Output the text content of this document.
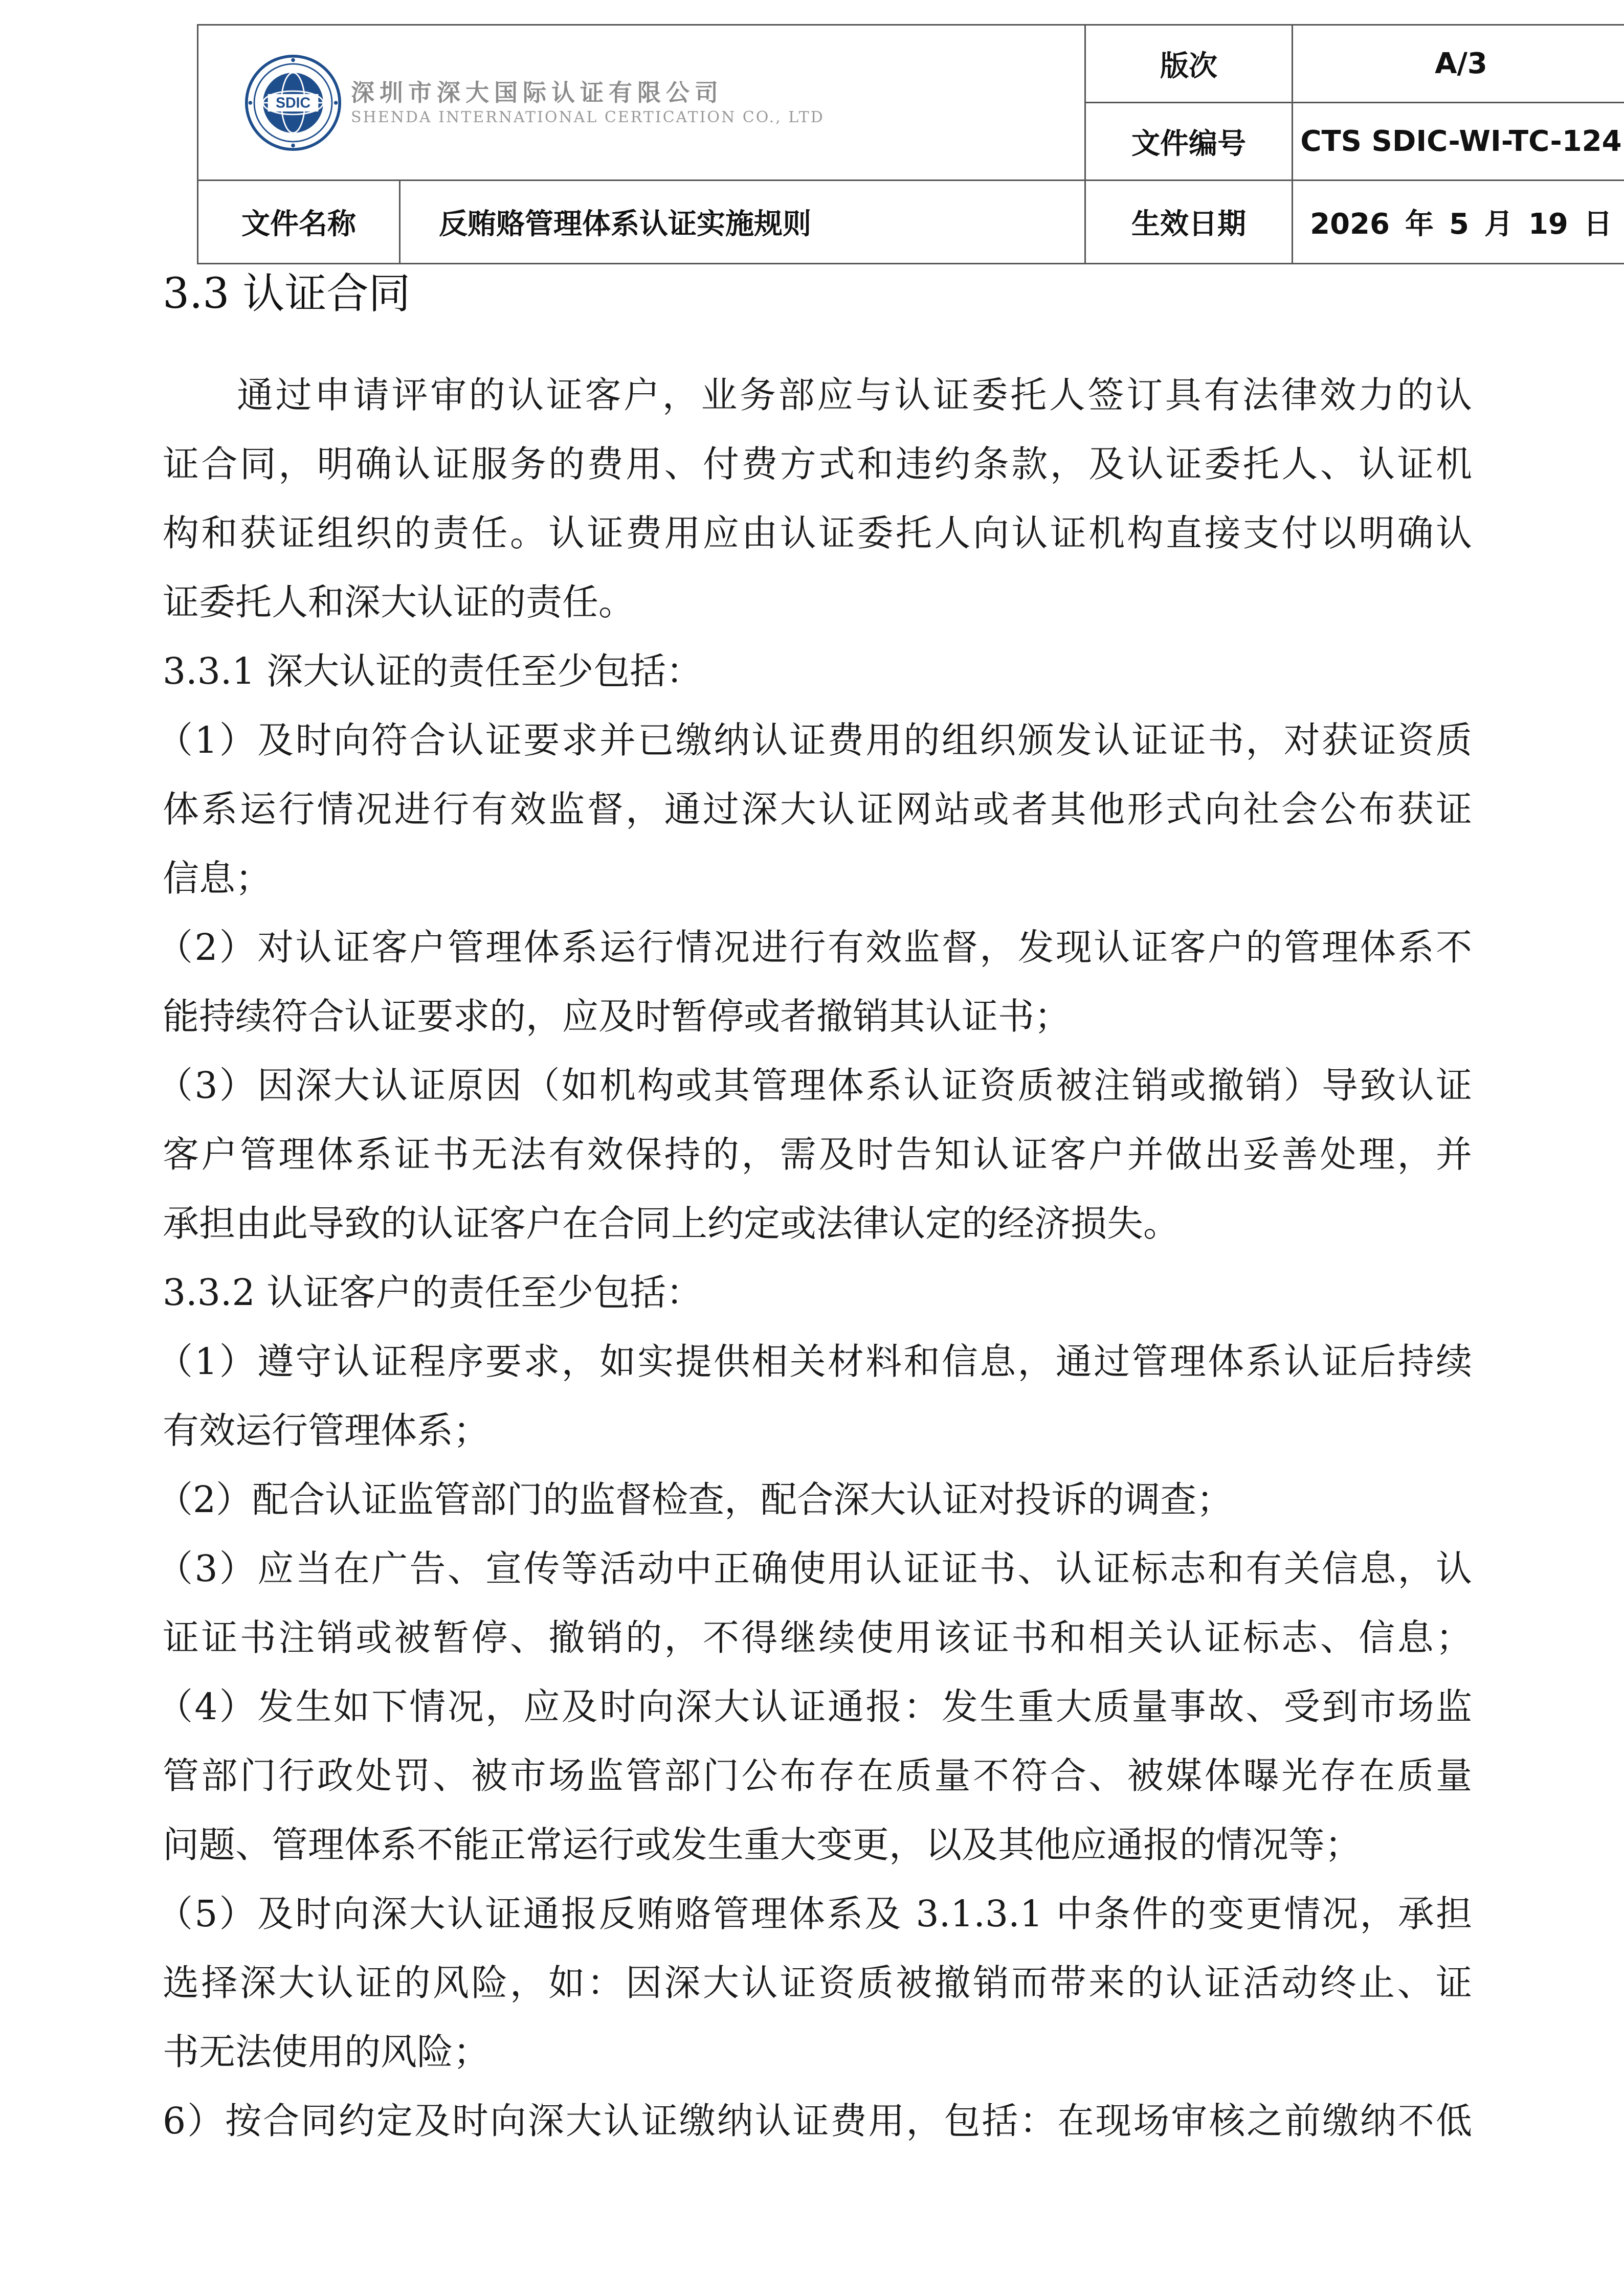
SDIC 深圳市深大国际认证有限公司
SHENDA INTERNATIONAL CERTICATION CO., LTD		版次	A/3
		文件编号	CTS SDIC-WI-TC-124
文件名称	反贿赂管理体系认证实施规则	生效日期	2026 年 5 月 19 日
3.3 认证合同

通过申请评审的认证客户，业务部应与认证委托人签订具有法律效力的认

证合同，明确认证服务的费用、付费方式和违约条款，及认证委托人、认证机

构和获证组织的责任。认证费用应由认证委托人向认证机构直接支付以明确认

证委托人和深大认证的责任。

3.3.1 深大认证的责任至少包括：

（1）及时向符合认证要求并已缴纳认证费用的组织颁发认证证书，对获证资质

体系运行情况进行有效监督，通过深大认证网站或者其他形式向社会公布获证

信息；

（2）对认证客户管理体系运行情况进行有效监督，发现认证客户的管理体系不

能持续符合认证要求的，应及时暂停或者撤销其认证书；

（3）因深大认证原因（如机构或其管理体系认证资质被注销或撤销）导致认证

客户管理体系证书无法有效保持的，需及时告知认证客户并做出妥善处理，并

承担由此导致的认证客户在合同上约定或法律认定的经济损失。

3.3.2 认证客户的责任至少包括：

（1）遵守认证程序要求，如实提供相关材料和信息，通过管理体系认证后持续

有效运行管理体系；

（2）配合认证监管部门的监督检查，配合深大认证对投诉的调查；

（3）应当在广告、宣传等活动中正确使用认证证书、认证标志和有关信息，认

证证书注销或被暂停、撤销的，不得继续使用该证书和相关认证标志、信息；

（4）发生如下情况，应及时向深大认证通报：发生重大质量事故、受到市场监

管部门行政处罚、被市场监管部门公布存在质量不符合、被媒体曝光存在质量

问题、管理体系不能正常运行或发生重大变更，以及其他应通报的情况等；

（5）及时向深大认证通报反贿赂管理体系及 3.1.3.1 中条件的变更情况，承担

选择深大认证的风险，如：因深大认证资质被撤销而带来的认证活动终止、证

书无法使用的风险；

6）按合同约定及时向深大认证缴纳认证费用，包括：在现场审核之前缴纳不低
